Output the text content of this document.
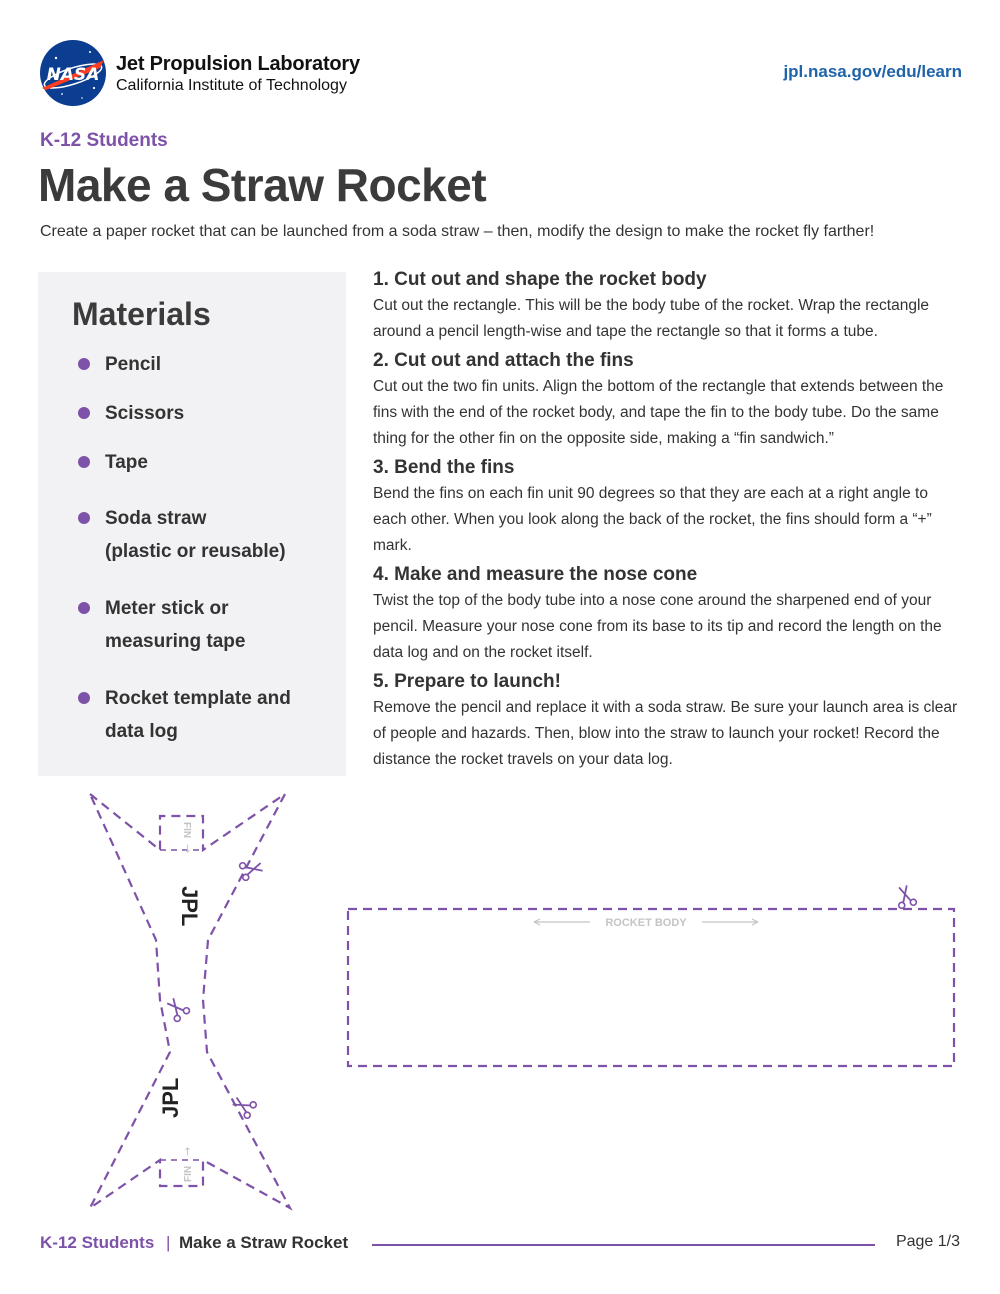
NASA Jet Propulsion Laboratory
California Institute of Technology
jpl.nasa.gov/edu/learn
K-12 Students
Make a Straw Rocket
Create a paper rocket that can be launched from a soda straw – then, modify the design to make the rocket fly farther!
Materials
Pencil
Scissors
Tape
Soda straw
(plastic or reusable)
Meter stick or
measuring tape
Rocket template and
data log
1. Cut out and shape the rocket body
Cut out the rectangle. This will be the body tube of the rocket. Wrap the rectangle around a pencil length-wise and tape the rectangle so that it forms a tube.
2. Cut out and attach the fins
Cut out the two fin units. Align the bottom of the rectangle that extends between the fins with the end of the rocket body, and tape the fin to the body tube. Do the same thing for the other fin on the opposite side, making a “fin sandwich.”
3. Bend the fins
Bend the fins on each fin unit 90 degrees so that they are each at a right angle to each other. When you look along the back of the rocket, the fins should form a “+” mark.
4. Make and measure the nose cone
Twist the top of the body tube into a nose cone around the sharpened end of your pencil. Measure your nose cone from its base to its tip and record the length on the data log and on the rocket itself.
5. Prepare to launch!
Remove the pencil and replace it with a soda straw. Be sure your launch area is clear of people and hazards. Then, blow into the straw to launch your rocket! Record the distance the rocket travels on your data log.
FIN
→
JPL
JPL
→
FIN
ROCKET BODY
K-12 Students | Make a Straw Rocket	Page 1/3
